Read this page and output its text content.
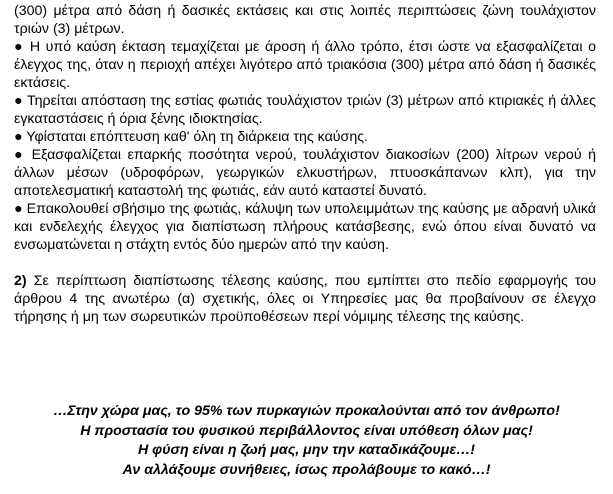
(300) μέτρα από δάση ή δασικές εκτάσεις και στις λοιπές περιπτώσεις ζώνη τουλάχιστον τριών (3) μέτρων.

● Η υπό καύση έκταση τεμαχίζεται με άροση ή άλλο τρόπο, έτσι ώστε να εξασφαλίζεται ο έλεγχος της, όταν η περιοχή απέχει λιγότερο από τριακόσια (300) μέτρα από δάση ή δασικές εκτάσεις.

● Τηρείται απόσταση της εστίας φωτιάς τουλάχιστον τριών (3) μέτρων από κτιριακές ή άλλες εγκαταστάσεις ή όρια ξένης ιδιοκτησίας.

● Υφίσταται επόπτευση καθ' όλη τη διάρκεια της καύσης.

● Εξασφαλίζεται επαρκής ποσότητα νερού, τουλάχιστον διακοσίων (200) λίτρων νερού ή άλλων μέσων (υδροφόρων, γεωργικών ελκυστήρων, πτυοσκάπανων κλπ), για την αποτελεσματική καταστολή της φωτιάς, εάν αυτό καταστεί δυνατό.

● Επακολουθεί σβήσιμο της φωτιάς, κάλυψη των υπολειμμάτων της καύσης με αδρανή υλικά και ενδελεχής έλεγχος για διαπίστωση πλήρους κατάσβεσης, ενώ όπου είναι δυνατό να ενσωματώνεται η στάχτη εντός δύο ημερών από την καύση.

2) Σε περίπτωση διαπίστωσης τέλεσης καύσης, που εμπίπτει στο πεδίο εφαρμογής του άρθρου 4 της ανωτέρω (α) σχετικής, όλες οι Υπηρεσίες μας θα προβαίνουν σε έλεγχο τήρησης ή μη των σωρευτικών προϋποθέσεων περί νόμιμης τέλεσης της καύσης.

…Στην χώρα μας, το 95% των πυρκαγιών προκαλούνται από τον άνθρωπο!
Η προστασία του φυσικού περιβάλλοντος είναι υπόθεση όλων μας!
Η φύση είναι η ζωή μας, μην την καταδικάζουμε…!
Αν αλλάξουμε συνήθειες, ίσως προλάβουμε το κακό…!
